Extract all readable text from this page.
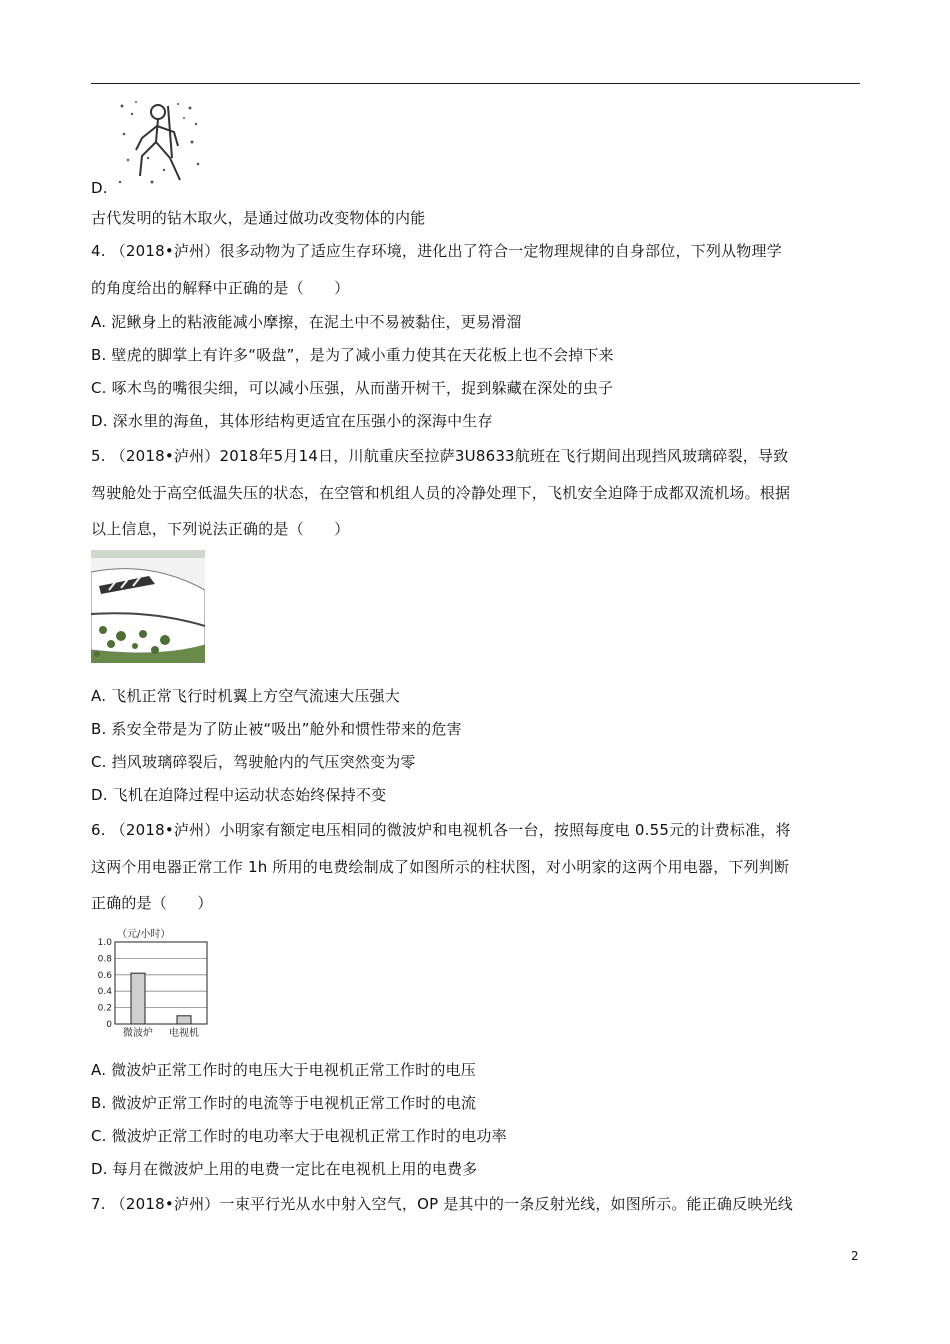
D.
古代发明的钻木取火，是通过做功改变物体的内能
4. （2018•泸州）很多动物为了适应生存环境，进化出了符合一定物理规律的自身部位，下列从物理学
的角度给出的解释中正确的是（　　）
A. 泥鳅身上的粘液能减小摩擦，在泥土中不易被黏住，更易滑溜
B. 壁虎的脚掌上有许多“吸盘”，是为了减小重力使其在天花板上也不会掉下来
C. 啄木鸟的嘴很尖细，可以减小压强，从而凿开树干，捉到躲藏在深处的虫子
D. 深水里的海鱼，其体形结构更适宜在压强小的深海中生存
5. （2018•泸州）2018年5月14日，川航重庆至拉萨3U8633航班在飞行期间出现挡风玻璃碎裂，导致
驾驶舱处于高空低温失压的状态，在空管和机组人员的冷静处理下，飞机安全迫降于成都双流机场。根据
以上信息，下列说法正确的是（　　）
A. 飞机正常飞行时机翼上方空气流速大压强大
B. 系安全带是为了防止被“吸出”舱外和惯性带来的危害
C. 挡风玻璃碎裂后，驾驶舱内的气压突然变为零
D. 飞机在迫降过程中运动状态始终保持不变
6. （2018•泸州）小明家有额定电压相同的微波炉和电视机各一台，按照每度电 0.55元的计费标准，将
这两个用电器正常工作 1h 所用的电费绘制成了如图所示的柱状图，对小明家的这两个用电器，下列判断
正确的是（　　）
（元/小时）
1.0
0.8
0.6
0.4
0.2
0
微波炉 电视机
A. 微波炉正常工作时的电压大于电视机正常工作时的电压
B. 微波炉正常工作时的电流等于电视机正常工作时的电流
C. 微波炉正常工作时的电功率大于电视机正常工作时的电功率
D. 每月在微波炉上用的电费一定比在电视机上用的电费多
7. （2018•泸州）一束平行光从水中射入空气，OP 是其中的一条反射光线，如图所示。能正确反映光线
2
